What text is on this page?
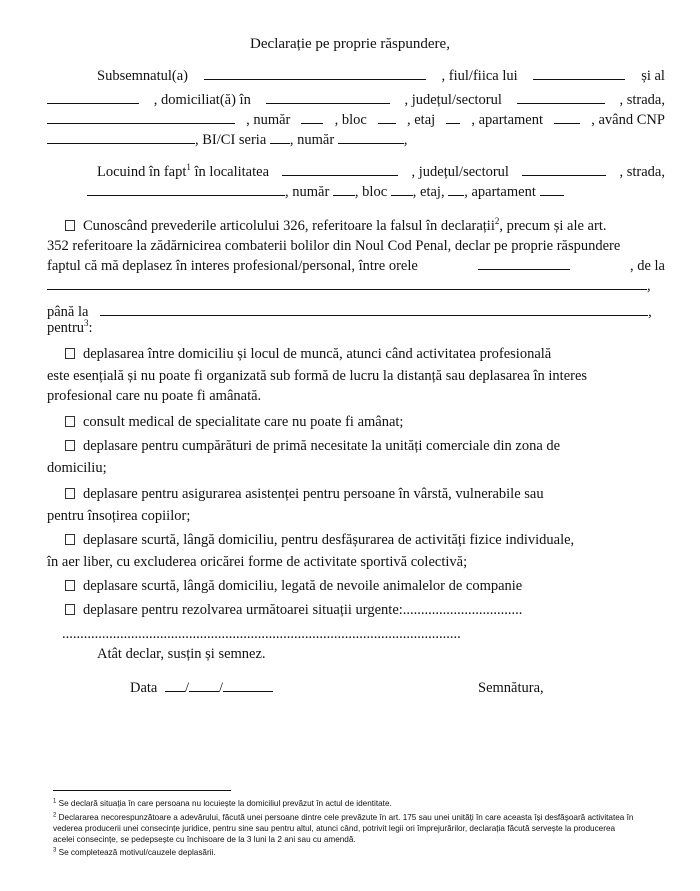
Declarație pe proprie răspundere,
Subsemnatul(a)	, fiul/fiica lui	și al
, domiciliat(ă) în	, județul/sectorul	, strada,
, număr	, bloc	, etaj , apartament	, având CNP
, BI/CI seria , număr	,
Locuind în fapt$^1$ în localitatea	, județul/sectorul	, strada,
, număr , bloc , etaj, , apartament
Cunoscând prevederile articolului 326, referitoare la falsul în declarații$^2$, precum și ale art.
352 referitoare la zădărnicirea combaterii bolilor din Noul Cod Penal, declar pe proprie răspundere
faptul că mă deplasez în interes profesional/personal, între orele	, de la
,
până la	,
pentru$^3$:
deplasarea între domiciliu și locul de muncă, atunci când activitatea profesională
este esențială și nu poate fi organizată sub formă de lucru la distanță sau deplasarea în interes
profesional care nu poate fi amânată.
consult medical de specialitate care nu poate fi amânat;
deplasare pentru cumpărături de primă necesitate la unități comerciale din zona de
domiciliu;
deplasare pentru asigurarea asistenței pentru persoane în vârstă, vulnerabile sau
pentru însoțirea copiilor;
deplasare scurtă, lângă domiciliu, pentru desfășurarea de activități fizice individuale,
în aer liber, cu excluderea oricărei forme de activitate sportivă colectivă;
deplasare scurtă, lângă domiciliu, legată de nevoile animalelor de companie
deplasare pentru rezolvarea următoarei situații urgente:.................................
..............................................................................................................
Atât declar, susțin și semnez.
Data / /	Semnătura,
$^1$ Se declară situația în care persoana nu locuiește la domiciliul prevăzut în actul de identitate.
$^2$ Declararea necorespunzătoare a adevărului, făcută unei persoane dintre cele prevăzute în art. 175 sau unei unități în care aceasta își desfășoară activitatea în
vederea producerii unei consecințe juridice, pentru sine sau pentru altul, atunci când, potrivit legii ori împrejurărilor, declarația făcută servește la producerea
acelei consecințe, se pedepsește cu închisoare de la 3 luni la 2 ani sau cu amendă.
$^3$ Se completează motivul/cauzele deplasării.
